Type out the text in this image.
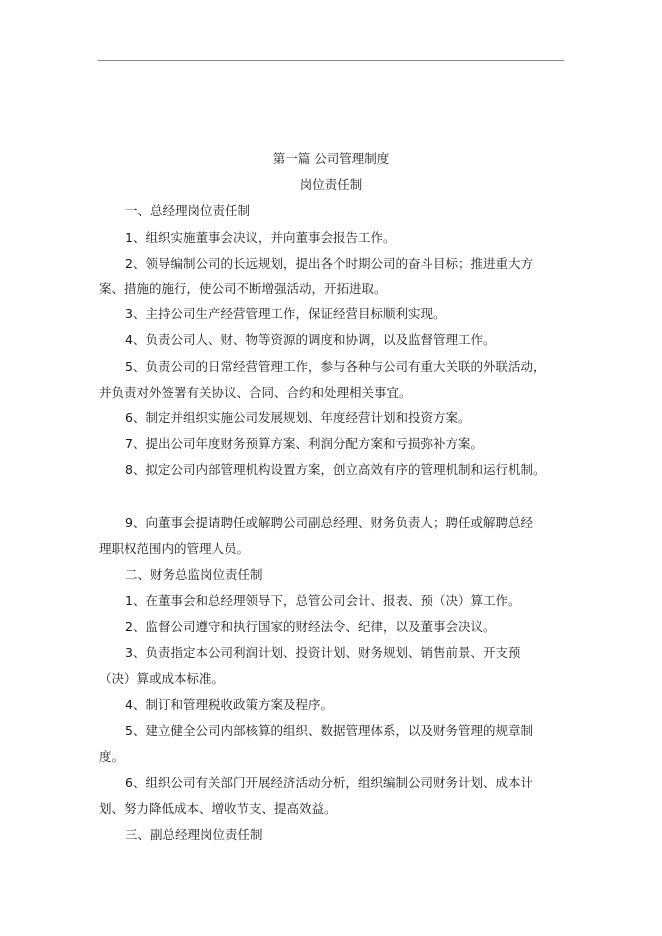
第一篇 公司管理制度
岗位责任制
一、总经理岗位责任制
1、组织实施董事会决议，并向董事会报告工作。
2、领导编制公司的长远规划，提出各个时期公司的奋斗目标；推进重大方
案、措施的施行，使公司不断增强活动，开拓进取。
3、主持公司生产经营管理工作，保证经营目标顺利实现。
4、负责公司人、财、物等资源的调度和协调，以及监督管理工作。
5、负责公司的日常经营管理工作，参与各种与公司有重大关联的外联活动，
并负责对外签署有关协议、合同、合约和处理相关事宜。
6、制定并组织实施公司发展规划、年度经营计划和投资方案。
7、提出公司年度财务预算方案、利润分配方案和亏损弥补方案。
8、拟定公司内部管理机构设置方案，创立高效有序的管理机制和运行机制。
9、向董事会提请聘任或解聘公司副总经理、财务负责人；聘任或解聘总经
理职权范围内的管理人员。
二、财务总监岗位责任制
1、在董事会和总经理领导下，总管公司会计、报表、预（决）算工作。
2、监督公司遵守和执行国家的财经法令、纪律，以及董事会决议。
3、负责指定本公司利润计划、投资计划、财务规划、销售前景、开支预
（决）算或成本标准。
4、制订和管理税收政策方案及程序。
5、建立健全公司内部核算的组织、数据管理体系，以及财务管理的规章制
度。
6、组织公司有关部门开展经济活动分析，组织编制公司财务计划、成本计
划、努力降低成本、增收节支、提高效益。
三、副总经理岗位责任制
